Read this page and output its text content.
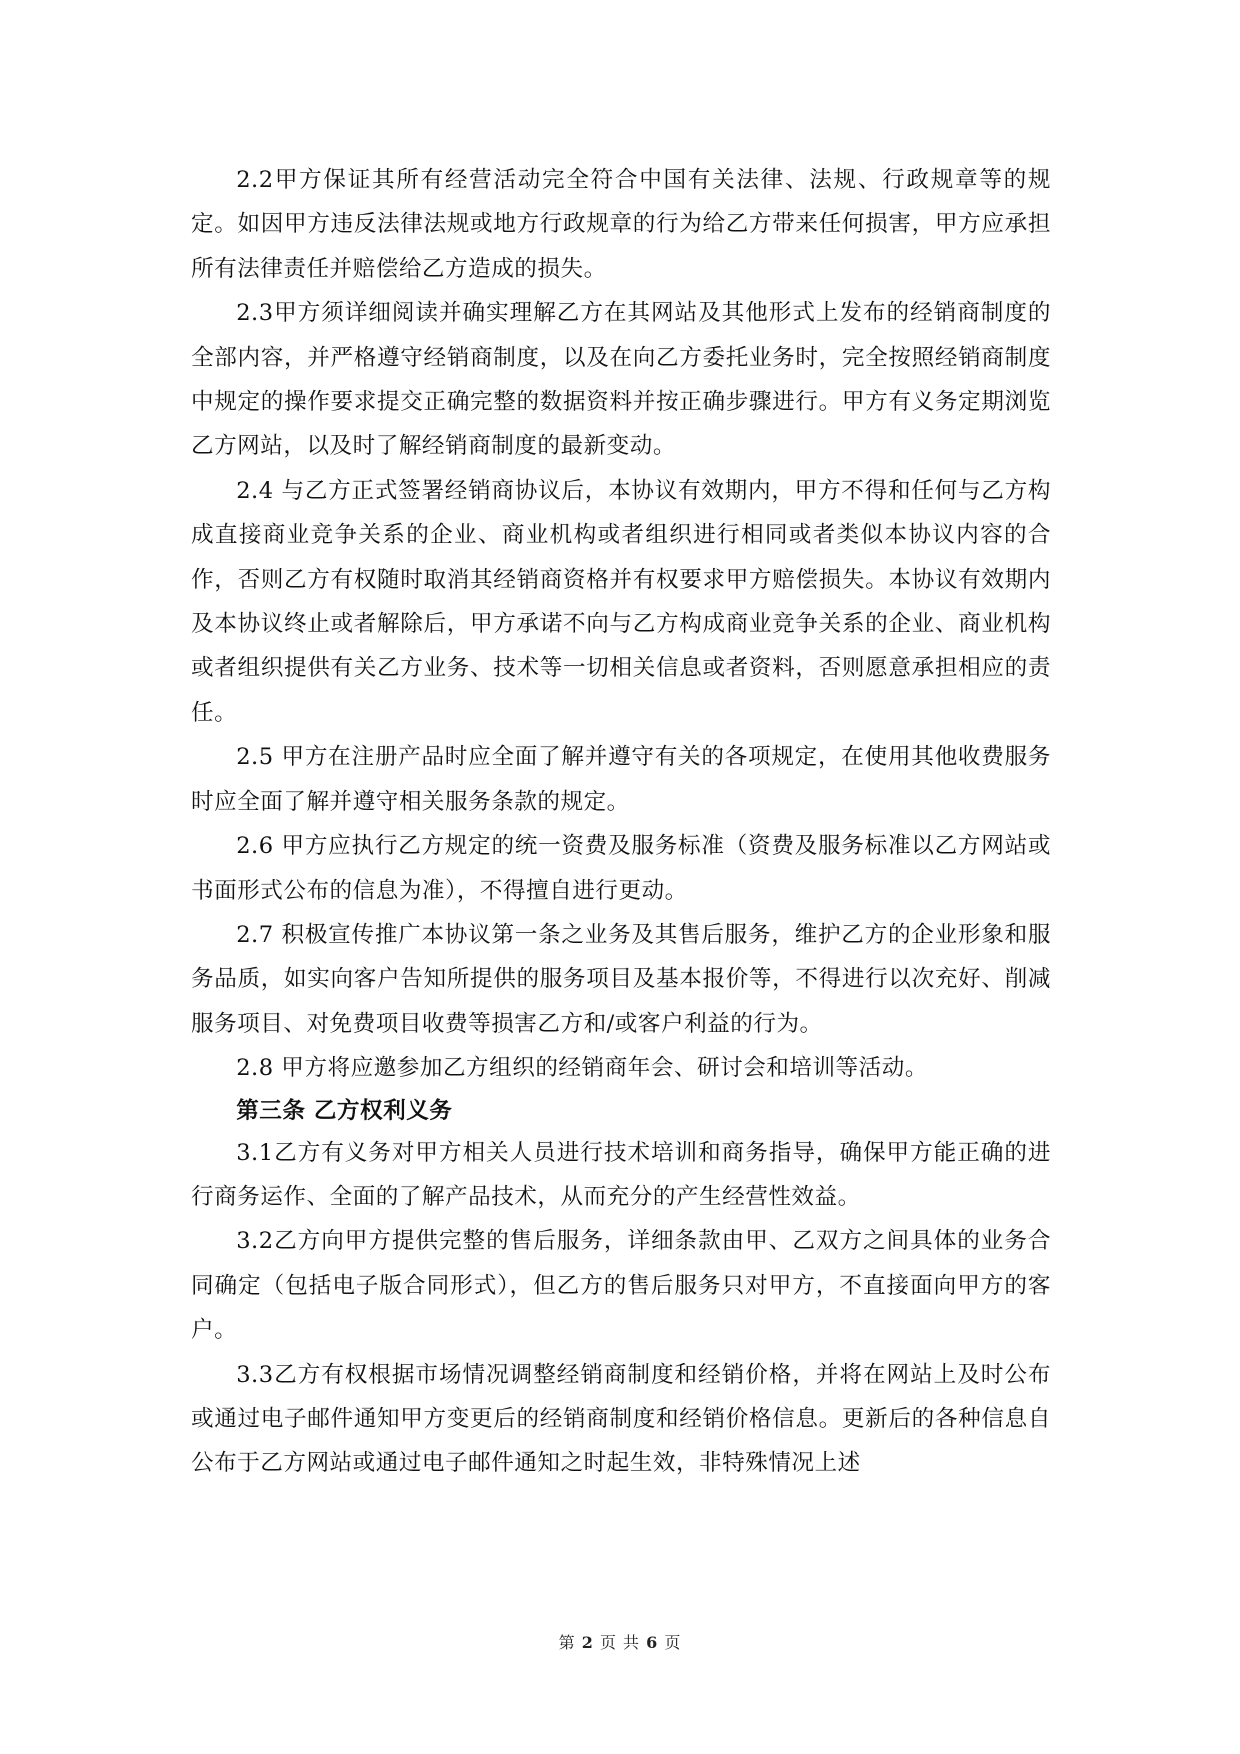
2.2甲方保证其所有经营活动完全符合中国有关法律、法规、行政规章等的规定。如因甲方违反法律法规或地方行政规章的行为给乙方带来任何损害，甲方应承担所有法律责任并赔偿给乙方造成的损失。

2.3甲方须详细阅读并确实理解乙方在其网站及其他形式上发布的经销商制度的全部内容，并严格遵守经销商制度，以及在向乙方委托业务时，完全按照经销商制度中规定的操作要求提交正确完整的数据资料并按正确步骤进行。甲方有义务定期浏览乙方网站，以及时了解经销商制度的最新变动。

2.4 与乙方正式签署经销商协议后，本协议有效期内，甲方不得和任何与乙方构成直接商业竞争关系的企业、商业机构或者组织进行相同或者类似本协议内容的合作，否则乙方有权随时取消其经销商资格并有权要求甲方赔偿损失。本协议有效期内及本协议终止或者解除后，甲方承诺不向与乙方构成商业竞争关系的企业、商业机构或者组织提供有关乙方业务、技术等一切相关信息或者资料，否则愿意承担相应的责任。

2.5 甲方在注册产品时应全面了解并遵守有关的各项规定，在使用其他收费服务时应全面了解并遵守相关服务条款的规定。

2.6 甲方应执行乙方规定的统一资费及服务标准（资费及服务标准以乙方网站或书面形式公布的信息为准），不得擅自进行更动。

2.7 积极宣传推广本协议第一条之业务及其售后服务，维护乙方的企业形象和服务品质，如实向客户告知所提供的服务项目及基本报价等，不得进行以次充好、削减服务项目、对免费项目收费等损害乙方和/或客户利益的行为。

2.8 甲方将应邀参加乙方组织的经销商年会、研讨会和培训等活动。

第三条 乙方权利义务

3.1乙方有义务对甲方相关人员进行技术培训和商务指导，确保甲方能正确的进行商务运作、全面的了解产品技术，从而充分的产生经营性效益。

3.2乙方向甲方提供完整的售后服务，详细条款由甲、乙双方之间具体的业务合同确定（包括电子版合同形式），但乙方的售后服务只对甲方，不直接面向甲方的客户。

3.3乙方有权根据市场情况调整经销商制度和经销价格，并将在网站上及时公布或通过电子邮件通知甲方变更后的经销商制度和经销价格信息。更新后的各种信息自公布于乙方网站或通过电子邮件通知之时起生效，非特殊情况上述

第 2 页 共 6 页
